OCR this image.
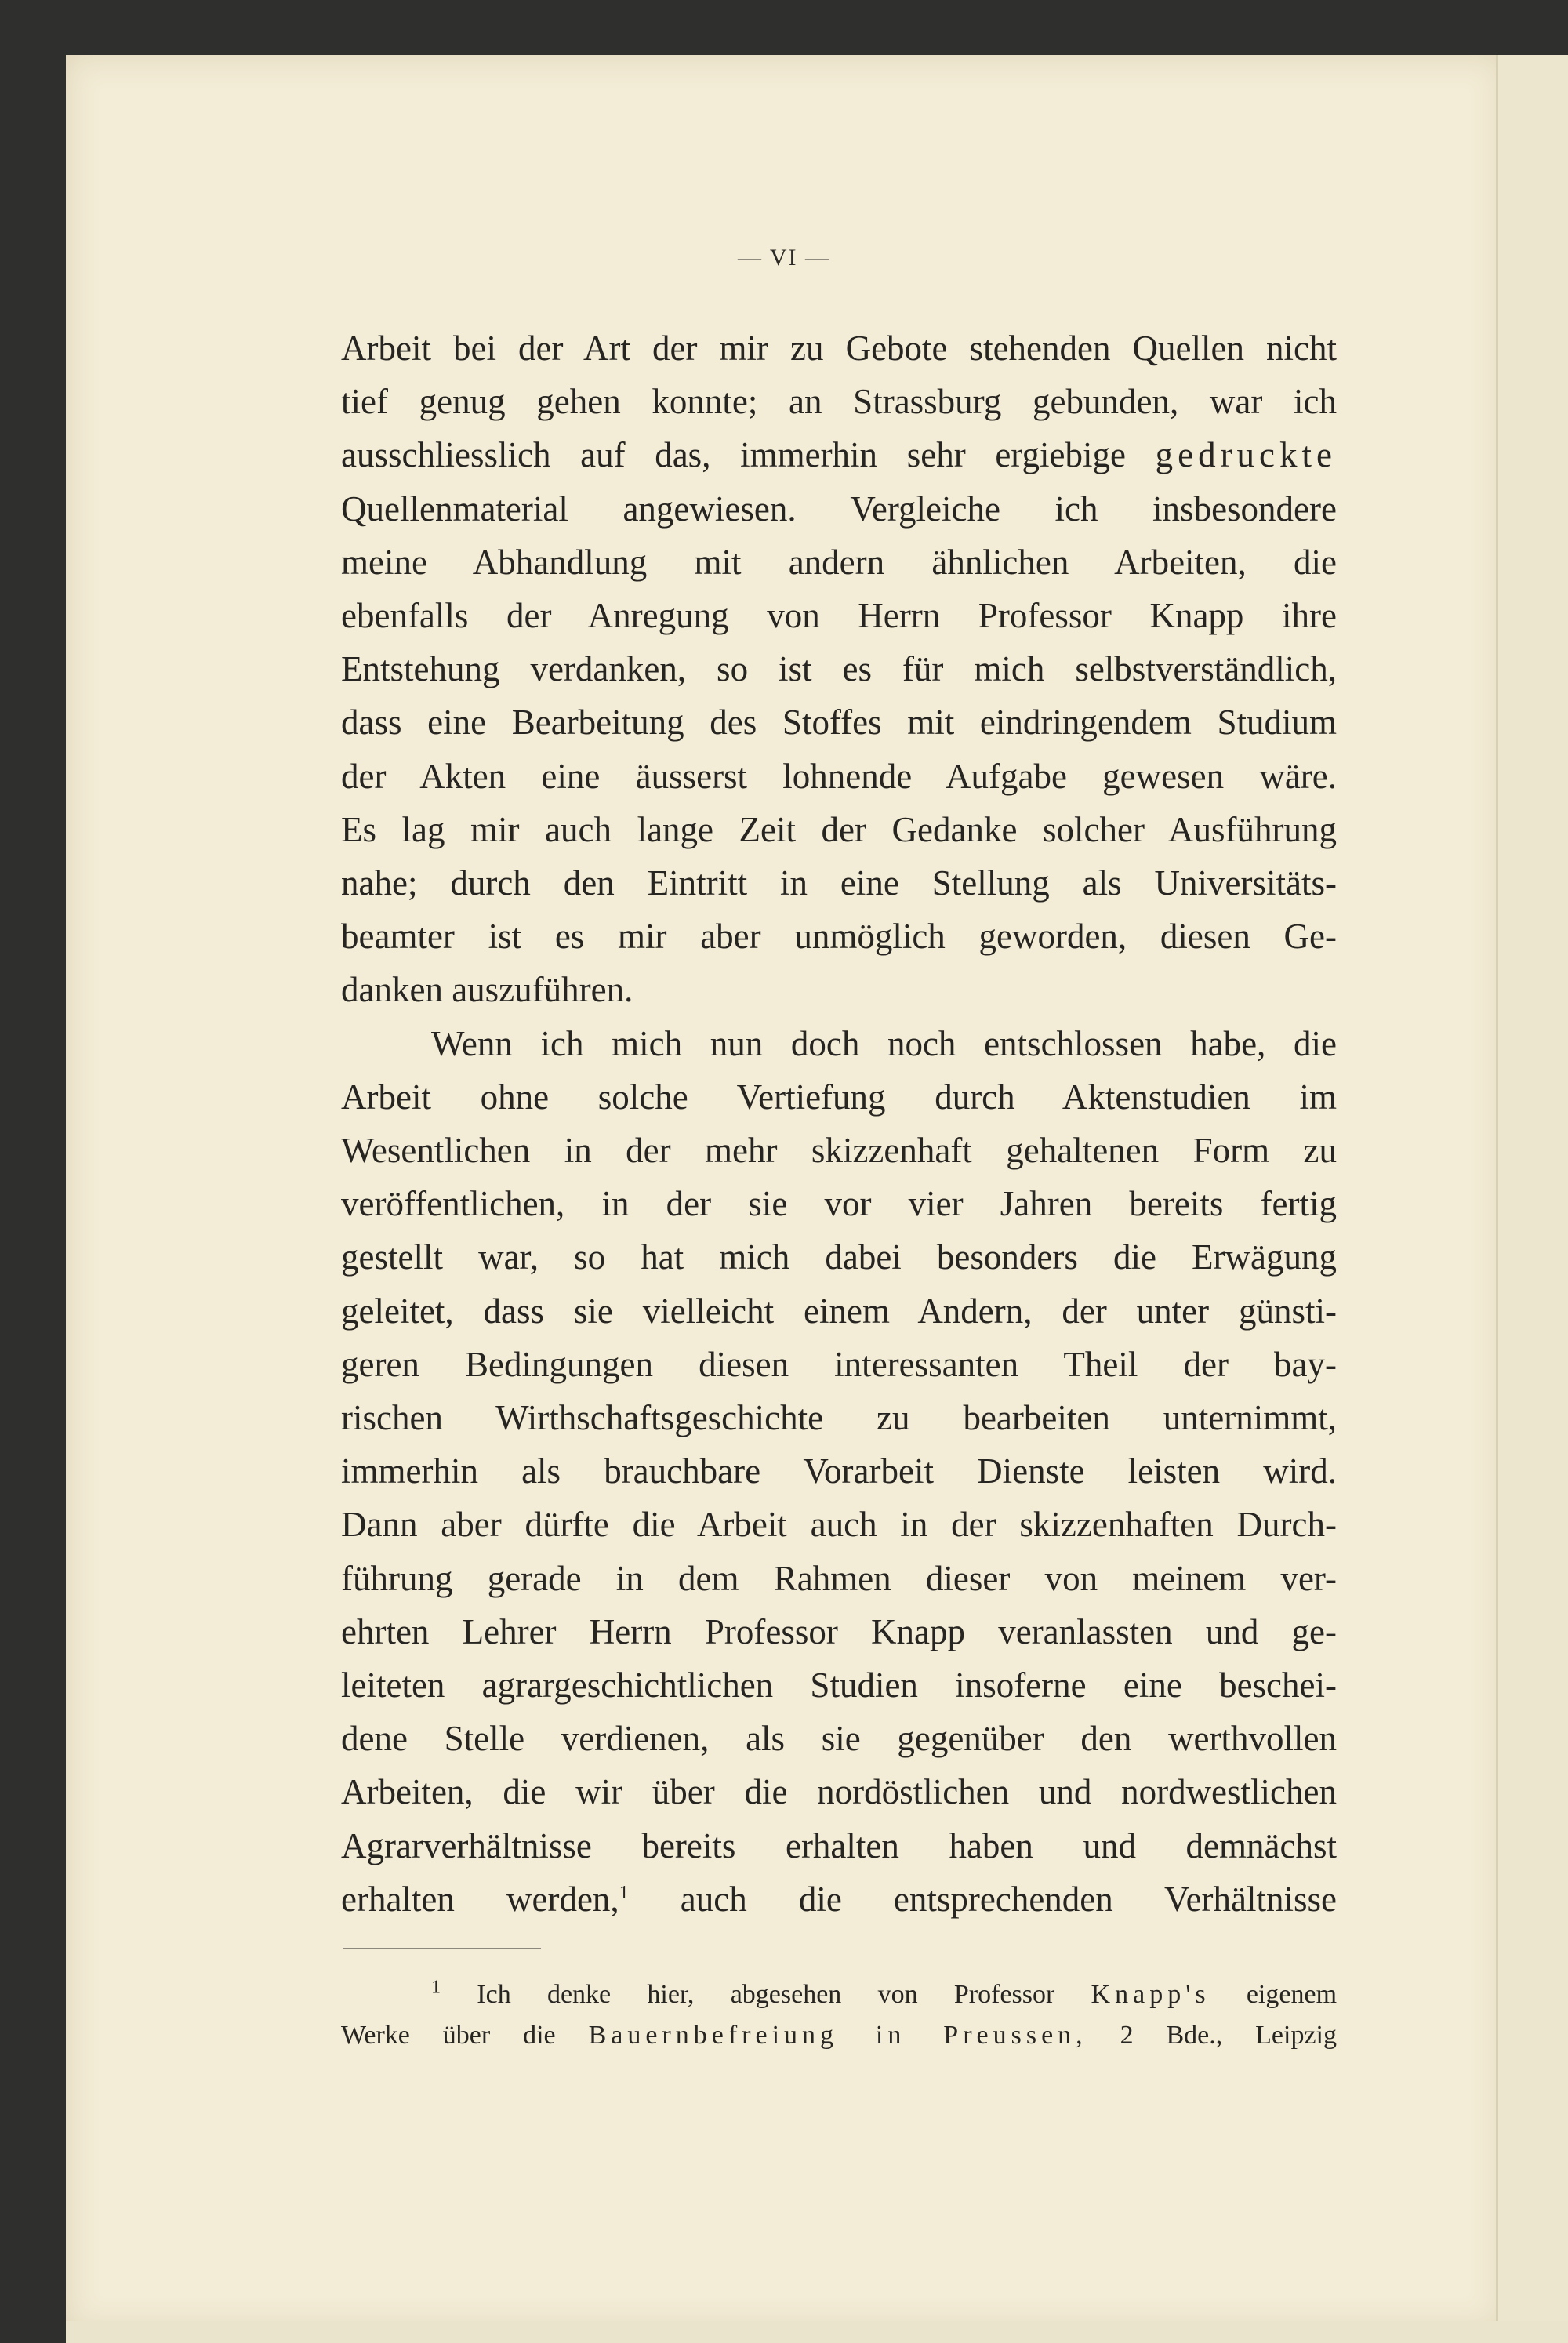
— VI —
Arbeit bei der Art der mir zu Gebote stehenden Quellen nicht
tief genug gehen konnte; an Strassburg gebunden, war ich
ausschliesslich auf das, immerhin sehr ergiebige gedruckte
Quellenmaterial angewiesen. Vergleiche ich insbesondere
meine Abhandlung mit andern ähnlichen Arbeiten, die
ebenfalls der Anregung von Herrn Professor Knapp ihre
Entstehung verdanken, so ist es für mich selbstverständlich,
dass eine Bearbeitung des Stoffes mit eindringendem Studium
der Akten eine äusserst lohnende Aufgabe gewesen wäre.
Es lag mir auch lange Zeit der Gedanke solcher Ausführung
nahe; durch den Eintritt in eine Stellung als Universitäts-
beamter ist es mir aber unmöglich geworden, diesen Ge-
danken auszuführen.
Wenn ich mich nun doch noch entschlossen habe, die
Arbeit ohne solche Vertiefung durch Aktenstudien im
Wesentlichen in der mehr skizzenhaft gehaltenen Form zu
veröffentlichen, in der sie vor vier Jahren bereits fertig
gestellt war, so hat mich dabei besonders die Erwägung
geleitet, dass sie vielleicht einem Andern, der unter günsti-
geren Bedingungen diesen interessanten Theil der bay-
rischen Wirthschaftsgeschichte zu bearbeiten unternimmt,
immerhin als brauchbare Vorarbeit Dienste leisten wird.
Dann aber dürfte die Arbeit auch in der skizzenhaften Durch-
führung gerade in dem Rahmen dieser von meinem ver-
ehrten Lehrer Herrn Professor Knapp veranlassten und ge-
leiteten agrargeschichtlichen Studien insoferne eine beschei-
dene Stelle verdienen, als sie gegenüber den werthvollen
Arbeiten, die wir über die nordöstlichen und nordwestlichen
Agrarverhältnisse bereits erhalten haben und demnächst
erhalten werden,$^1$ auch die entsprechenden Verhältnisse
$^1$ Ich denke hier, abgesehen von Professor Knapp's eigenem
Werke über die Bauernbefreiung in Preussen, 2 Bde., Leipzig
